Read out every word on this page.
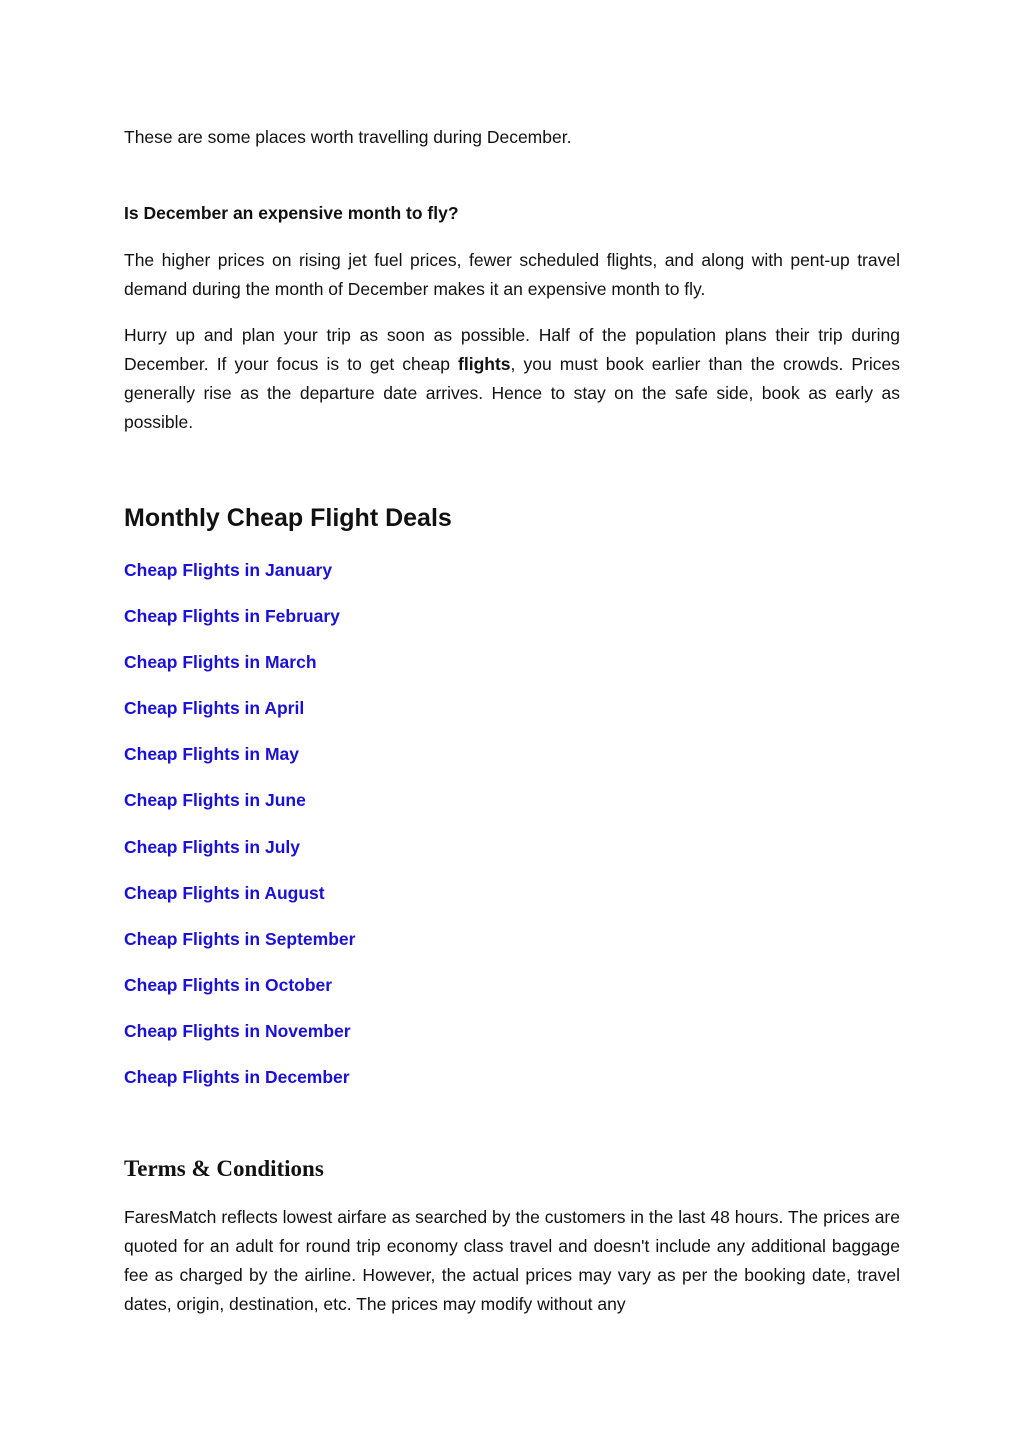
These are some places worth travelling during December.
Is December an expensive month to fly?

The higher prices on rising jet fuel prices, fewer scheduled flights, and along with pent-up travel demand during the month of December makes it an expensive month to fly.

Hurry up and plan your trip as soon as possible. Half of the population plans their trip during December. If your focus is to get cheap flights, you must book earlier than the crowds. Prices generally rise as the departure date arrives. Hence to stay on the safe side, book as early as possible.

Monthly Cheap Flight Deals
Cheap Flights in January
Cheap Flights in February
Cheap Flights in March
Cheap Flights in April
Cheap Flights in May
Cheap Flights in June
Cheap Flights in July
Cheap Flights in August
Cheap Flights in September
Cheap Flights in October
Cheap Flights in November
Cheap Flights in December
Terms & Conditions

FaresMatch reflects lowest airfare as searched by the customers in the last 48 hours. The prices are quoted for an adult for round trip economy class travel and doesn't include any additional baggage fee as charged by the airline. However, the actual prices may vary as per the booking date, travel dates, origin, destination, etc. The prices may modify without any
